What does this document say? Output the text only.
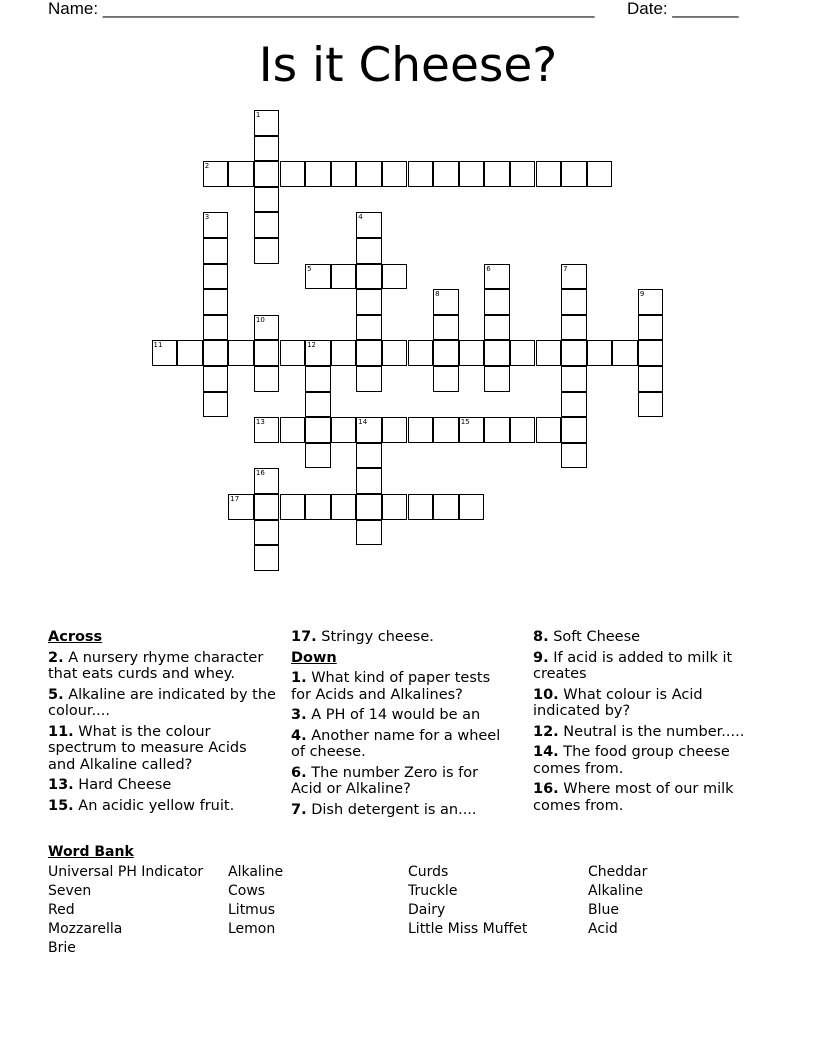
Name: ____________________________________________________ Date: _______
Is it Cheese?
1
2
3	4
5	6	7
8	9
10
11	12
13	14	15
16
17
Across
2. A nursery rhyme character that eats curds and whey.
5. Alkaline are indicated by the colour....
11. What is the colour spectrum to measure Acids and Alkaline called?
13. Hard Cheese
15. An acidic yellow fruit.
17. Stringy cheese.
Down
1. What kind of paper tests for Acids and Alkalines?
3. A PH of 14 would be an
4. Another name for a wheel of cheese.
6. The number Zero is for Acid or Alkaline?
7. Dish detergent is an....
8. Soft Cheese
9. If acid is added to milk it creates
10. What colour is Acid indicated by?
12. Neutral is the number.....
14. The food group cheese comes from.
16. Where most of our milk comes from.
Word Bank
Universal PH Indicator
Seven
Red
Mozzarella
Brie
Alkaline
Cows
Litmus
Lemon
Curds
Truckle
Dairy
Little Miss Muffet
Cheddar
Alkaline
Blue
Acid
